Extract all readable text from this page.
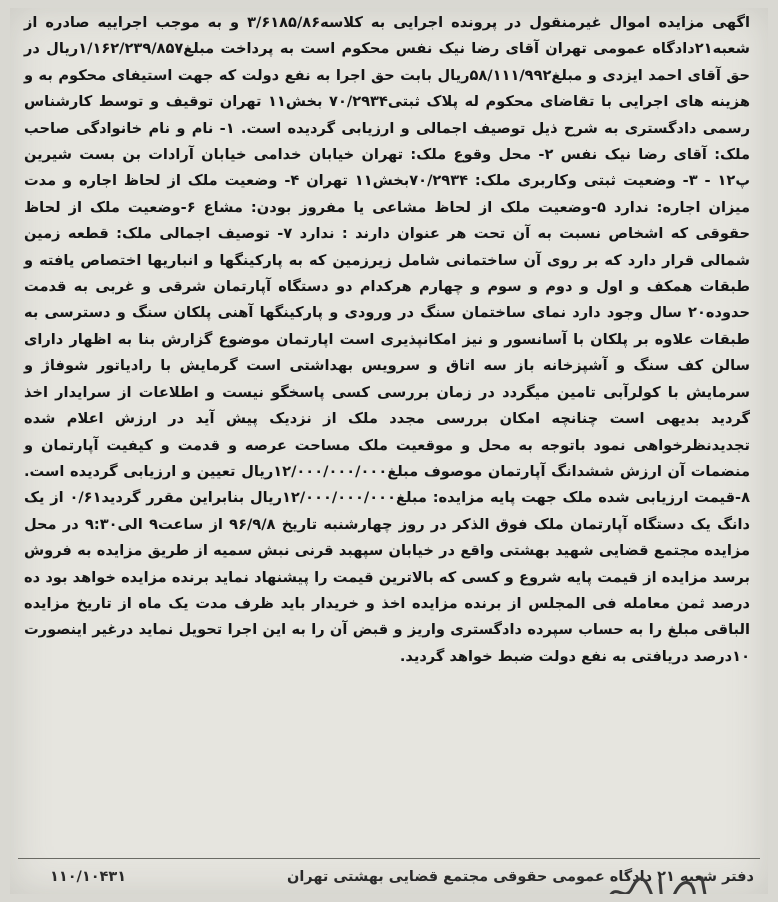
اگهی مزایده اموال غیرمنقول در پرونده اجرایی به کلاسه۳/۶۱۸۵/۸۶ و به موجب اجراییه صادره از شعبه۲۱دادگاه عمومی تهران آقای رضا نیک نفس محکوم است به پرداخت مبلغ۱/۱۶۲/۲۳۹/۸۵۷ریال در حق آقای احمد ایزدی و مبلغ۵۸/۱۱۱/۹۹۲ریال بابت حق اجرا به نفع دولت که جهت استیفای محکوم به و هزینه های اجرایی با تقاضای محکوم له پلاک ثبتی۷۰/۲۹۳۴ بخش۱۱ تهران توقیف و توسط کارشناس رسمی دادگستری به شرح ذیل توصیف اجمالی و ارزیابی گردیده است. ۱- نام و نام خانوادگی صاحب ملک: آقای رضا نیک نفس ۲- محل وقوع ملک: تهران خیابان خدامی خیابان آرادات بن بست شیرین پ۱۲ - ۳- وضعیت ثبتی وکاربری ملک: ۷۰/۲۹۳۴بخش۱۱ تهران ۴- وضعیت ملک از لحاظ اجاره و مدت میزان اجاره: ندارد ۵-وضعیت ملک از لحاظ مشاعی یا مفروز بودن: مشاع ۶-وضعیت ملک از لحاظ حقوقی که اشخاص نسبت به آن تحت هر عنوان دارند : ندارد ۷- توصیف اجمالی ملک: قطعه زمین شمالی قرار دارد که بر روی آن ساختمانی شامل زیرزمین که به پارکینگها و انباریها اختصاص یافته و طبقات همکف و اول و دوم و سوم و چهارم هرکدام دو دستگاه آپارتمان شرقی و غربی به قدمت حدوده۲۰ سال وجود دارد نمای ساختمان سنگ در ورودی و پارکینگها آهنی پلکان سنگ و دسترسی به طبقات علاوه بر پلکان با آسانسور و نیز امکانپذیری است اپارتمان موضوع گزارش بنا به اظهار دارای سالن کف سنگ و آشپزخانه باز سه اتاق و سرویس بهداشتی است گرمایش با رادیاتور شوفاژ و سرمایش با کولرآبی تامین میگردد در زمان بررسی کسی پاسخگو نیست و اطلاعات از سرایدار اخذ گردید بدیهی است چنانچه امکان بررسی مجدد ملک از نزدیک پیش آید در ارزش اعلام شده تجدیدنظرخواهی نمود باتوجه به محل و موقعیت ملک مساحت عرصه و قدمت و کیفیت آپارتمان و منضمات آن ارزش ششدانگ آپارتمان موصوف مبلغ۱۲/۰۰۰/۰۰۰/۰۰۰ریال تعیین و ارزیابی گردیده است. ۸-قیمت ارزیابی شده ملک جهت پایه مزایده: مبلغ۱۲/۰۰۰/۰۰۰/۰۰۰ریال بنابراین مقرر گردید۰/۶۱ از یک دانگ یک دستگاه آپارتمان ملک فوق الذکر در روز چهارشنبه تاریخ ۹۶/۹/۸ از ساعت۹ الی۹:۳۰ در محل مزایده مجتمع قضایی شهید بهشتی واقع در خیابان سپهبد قرنی نبش سمیه از طریق مزایده به فروش برسد مزایده از قیمت پایه شروع و کسی که بالاترین قیمت را پیشنهاد نماید برنده مزایده خواهد بود ده درصد ثمن معامله فی المجلس از برنده مزایده اخذ و خریدار باید ظرف مدت یک ماه از تاریخ مزایده الباقی مبلغ را به حساب سپرده دادگستری واریز و قبض آن را به این اجرا تحویل نماید درغیر اینصورت ۱۰درصد دریافتی به نفع دولت ضبط خواهد گردید.

دفتر شعبه ۲۱ دادگاه عمومی حقوقی مجتمع قضایی بهشتی تهران
۱۱۰/۱۰۴۳۱
